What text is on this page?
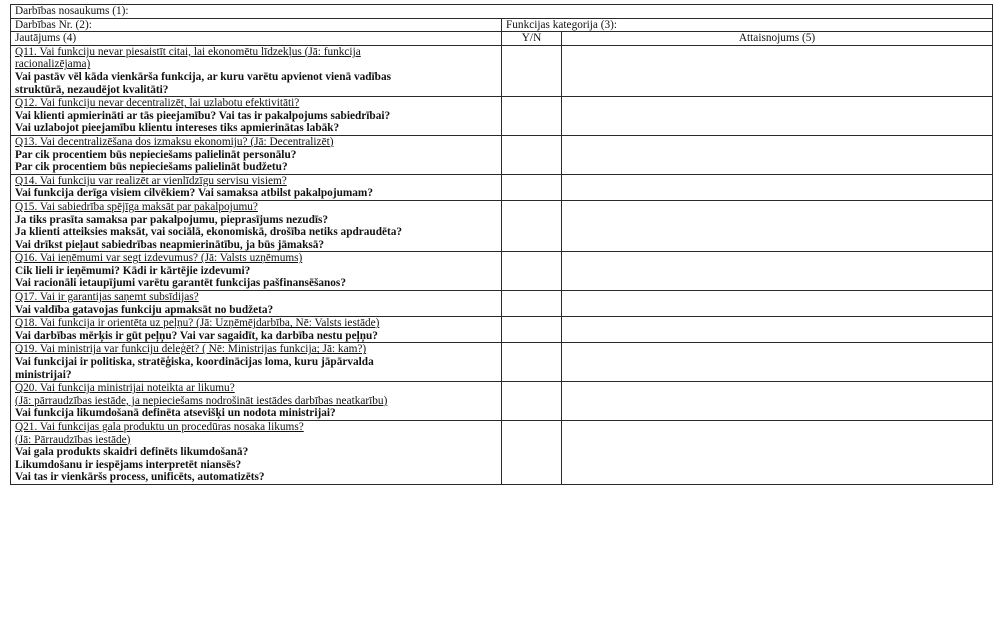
Darbības nosaukums (1):		
Darbības Nr. (2):	Funkcijas kategorija (3):	
Jautājums (4)	Y/N	Attaisnojums (5)

Q11. Vai funkciju nevar piesaistīt citai, lai ekonomētu līdzekļus (Jā: funkcija
racionalizējama)
Vai pastāv vēl kāda vienkārša funkcija, ar kuru varētu apvienot vienā vadības
struktūrā, nezaudējot kvalitāti?		

Q12. Vai funkciju nevar decentralizēt, lai uzlabotu efektivitāti?
Vai klienti apmierināti ar tās pieejamību? Vai tas ir pakalpojums sabiedrībai?
Vai uzlabojot pieejamību klientu intereses tiks apmierinātas labāk?		

Q13. Vai decentralizēšana dos izmaksu ekonomiju? (Jā: Decentralizēt)
Par cik procentiem būs nepieciešams palielināt personālu?
Par cik procentiem būs nepieciešams palielināt budžetu?		

Q14. Vai funkciju var realizēt ar vienlīdzīgu servisu visiem?
Vai funkcija derīga visiem cilvēkiem? Vai samaksa atbilst pakalpojumam?		

Q15. Vai sabiedrība spējīga maksāt par pakalpojumu?
Ja tiks prasīta samaksa par pakalpojumu, pieprasījums nezudīs?
Ja klienti atteiksies maksāt, vai sociālā, ekonomiskā, drošība netiks apdraudēta?
Vai drīkst pieļaut sabiedrības neapmierinātību, ja būs jāmaksā?		

Q16. Vai ieņēmumi var segt izdevumus? (Jā: Valsts uzņēmums)
Cik lieli ir ieņēmumi? Kādi ir kārtējie izdevumi?
Vai racionāli ietaupījumi varētu garantēt funkcijas pašfinansēšanos?		

Q17. Vai ir garantijas saņemt subsīdijas?
Vai valdība gatavojas funkciju apmaksāt no budžeta?		

Q18. Vai funkcija ir orientēta uz peļņu? (Jā: Uzņēmējdarbība, Nē: Valsts iestāde)
Vai darbības mērķis ir gūt peļņu? Vai var sagaidīt, ka darbība nestu peļņu?		

Q19. Vai ministrija var funkciju deleģēt? ( Nē: Ministrijas funkcija; Jā: kam?)
Vai funkcijai ir politiska, stratēģiska, koordinācijas loma, kuru jāpārvalda
ministrijai?		

Q20. Vai funkcija ministrijai noteikta ar likumu?
(Jā: pārraudzības iestāde, ja nepieciešams nodrošināt iestādes darbības neatkarību)
Vai funkcija likumdošanā definēta atsevišķi un nodota ministrijai?		

Q21. Vai funkcijas gala produktu un procedūras nosaka likums?
(Jā: Pārraudzības iestāde)
Vai gala produkts skaidri definēts likumdošanā?
Likumdošanu ir iespējams interpretēt niansēs?
Vai tas ir vienkāršs process, unificēts, automatizēts?		
